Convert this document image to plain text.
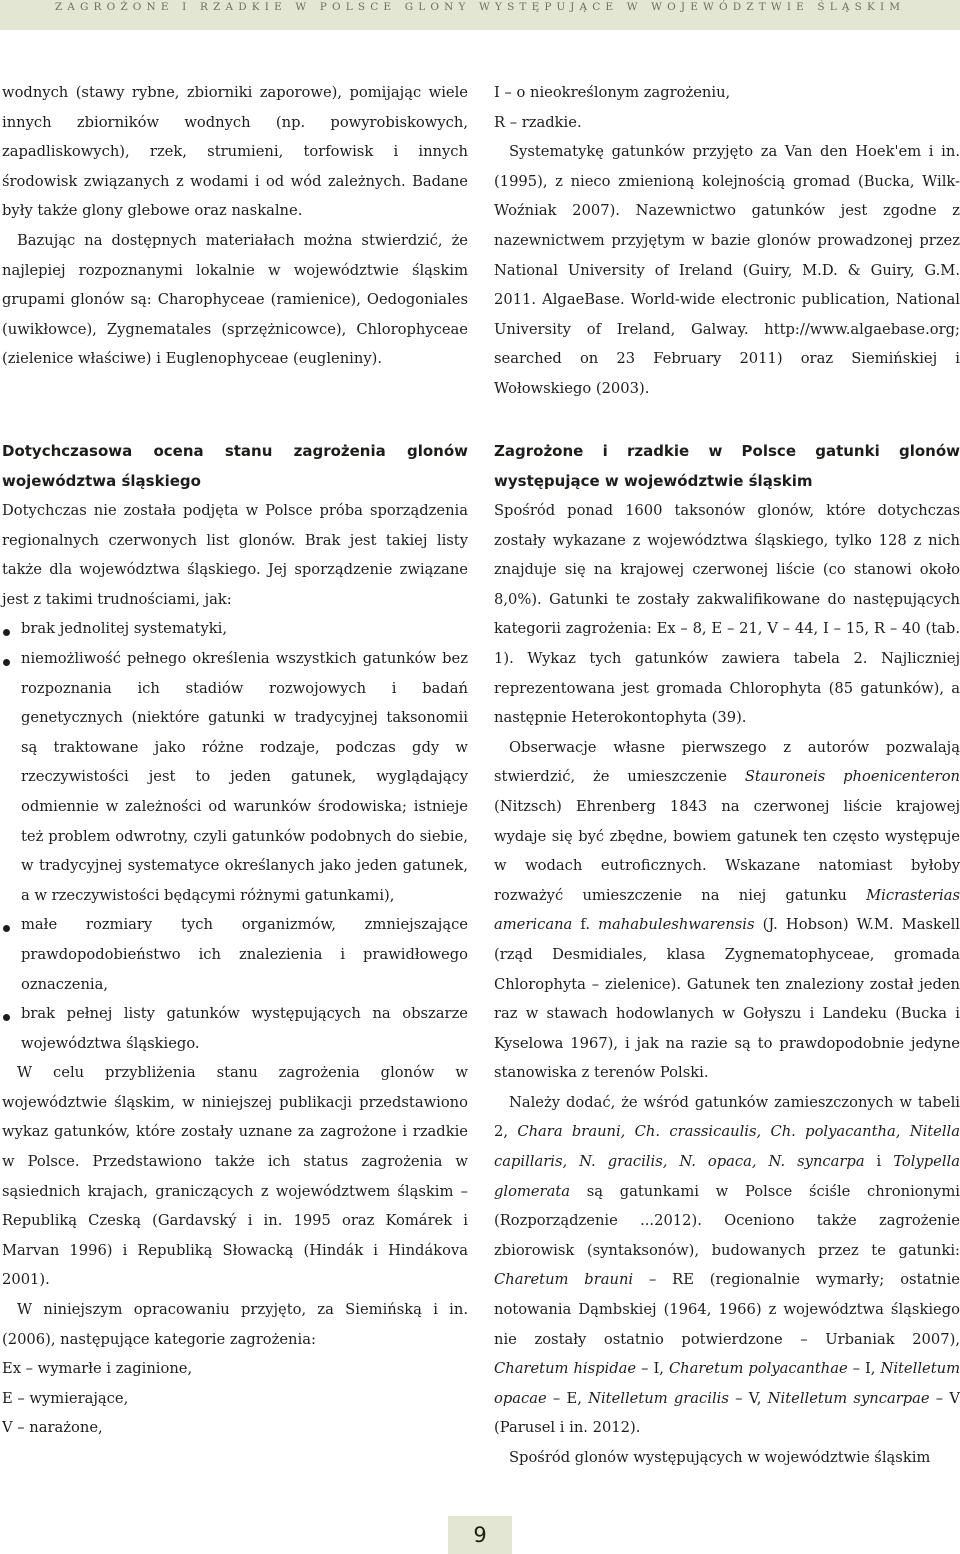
ZAGROŻONE I RZADKIE W POLSCE GLONY WYSTĘPUJĄCE W WOJEWÓDZTWIE ŚLĄSKIM

wodnych (stawy rybne, zbiorniki zaporowe), pomijając wiele innych zbiorników wodnych (np. powyrobiskowych, zapadliskowych), rzek, strumieni, torfowisk i innych środowisk związanych z wodami i od wód zależnych. Badane były także glony glebowe oraz naskalne.

Bazując na dostępnych materiałach można stwierdzić, że najlepiej rozpoznanymi lokalnie w województwie śląskim grupami glonów są: Charophyceae (ramienice), Oedogoniales (uwikłowce), Zygnematales (sprzężnicowce), Chlorophyceae (zielenice właściwe) i Euglenophyceae (eugleniny).

Dotychczasowa ocena stanu zagrożenia glonów województwa śląskiego

Dotychczas nie została podjęta w Polsce próba sporządzenia regionalnych czerwonych list glonów. Brak jest takiej listy także dla województwa śląskiego. Jej sporządzenie związane jest z takimi trudnościami, jak:

brak jednolitej systematyki,
niemożliwość pełnego określenia wszystkich gatunków bez rozpoznania ich stadiów rozwojowych i badań genetycznych (niektóre gatunki w tradycyjnej taksonomii są traktowane jako różne rodzaje, podczas gdy w rzeczywistości jest to jeden gatunek, wyglądający odmiennie w zależności od warunków środowiska; istnieje też problem odwrotny, czyli gatunków podobnych do siebie, w tradycyjnej systematyce określanych jako jeden gatunek, a w rzeczywistości będącymi różnymi gatunkami),
małe rozmiary tych organizmów, zmniejszające prawdopodobieństwo ich znalezienia i prawidłowego oznaczenia,
brak pełnej listy gatunków występujących na obszarze województwa śląskiego.

W celu przybliżenia stanu zagrożenia glonów w województwie śląskim, w niniejszej publikacji przedstawiono wykaz gatunków, które zostały uznane za zagrożone i rzadkie w Polsce. Przedstawiono także ich status zagrożenia w sąsiednich krajach, graniczących z województwem śląskim – Republiką Czeską (Gardavský i in. 1995 oraz Komárek i Marvan 1996) i Republiką Słowacką (Hindák i Hindákova 2001).

W niniejszym opracowaniu przyjęto, za Siemińską i in. (2006), następujące kategorie zagrożenia:

Ex – wymarłe i zaginione,

E – wymierające,

V – narażone,

I – o nieokreślonym zagrożeniu,

R – rzadkie.

Systematykę gatunków przyjęto za Van den Hoek'em i in. (1995), z nieco zmienioną kolejnością gromad (Bucka, Wilk-Woźniak 2007). Nazewnictwo gatunków jest zgodne z nazewnictwem przyjętym w bazie glonów prowadzonej przez National University of Ireland (Guiry, M.D. & Guiry, G.M. 2011. AlgaeBase. World-wide electronic publication, National University of Ireland, Galway. http://www.algaebase.org; searched on 23 February 2011) oraz Siemińskiej i Wołowskiego (2003).

Zagrożone i rzadkie w Polsce gatunki glonów występujące w województwie śląskim

Spośród ponad 1600 taksonów glonów, które dotychczas zostały wykazane z województwa śląskiego, tylko 128 z nich znajduje się na krajowej czerwonej liście (co stanowi około 8,0%). Gatunki te zostały zakwalifikowane do następujących kategorii zagrożenia: Ex – 8, E – 21, V – 44, I – 15, R – 40 (tab. 1). Wykaz tych gatunków zawiera tabela 2. Najliczniej reprezentowana jest gromada Chlorophyta (85 gatunków), a następnie Heterokontophyta (39).

Obserwacje własne pierwszego z autorów pozwalają stwierdzić, że umieszczenie Stauroneis phoenicenteron (Nitzsch) Ehrenberg 1843 na czerwonej liście krajowej wydaje się być zbędne, bowiem gatunek ten często występuje w wodach eutroficznych. Wskazane natomiast byłoby rozważyć umieszczenie na niej gatunku Micrasterias americana f. mahabuleshwarensis (J. Hobson) W.M. Maskell (rząd Desmidiales, klasa Zygnematophyceae, gromada Chlorophyta – zielenice). Gatunek ten znaleziony został jeden raz w stawach hodowlanych w Gołyszu i Landeku (Bucka i Kyselowa 1967), i jak na razie są to prawdopodobnie jedyne stanowiska z terenów Polski.

Należy dodać, że wśród gatunków zamieszczonych w tabeli 2, Chara brauni, Ch. crassicaulis, Ch. polyacantha, Nitella capillaris, N. gracilis, N. opaca, N. syncarpa i Tolypella glomerata są gatunkami w Polsce ściśle chronionymi (Rozporządzenie ...2012). Oceniono także zagrożenie zbiorowisk (syntaksonów), budowanych przez te gatunki: Charetum brauni – RE (regionalnie wymarły; ostatnie notowania Dąmbskiej (1964, 1966) z województwa śląskiego nie zostały ostatnio potwierdzone – Urbaniak 2007), Charetum hispidae – I, Charetum polyacanthae – I, Nitelletum opacae – E, Nitelletum gracilis – V, Nitelletum syncarpae – V (Parusel i in. 2012).

Spośród glonów występujących w województwie śląskim

9
